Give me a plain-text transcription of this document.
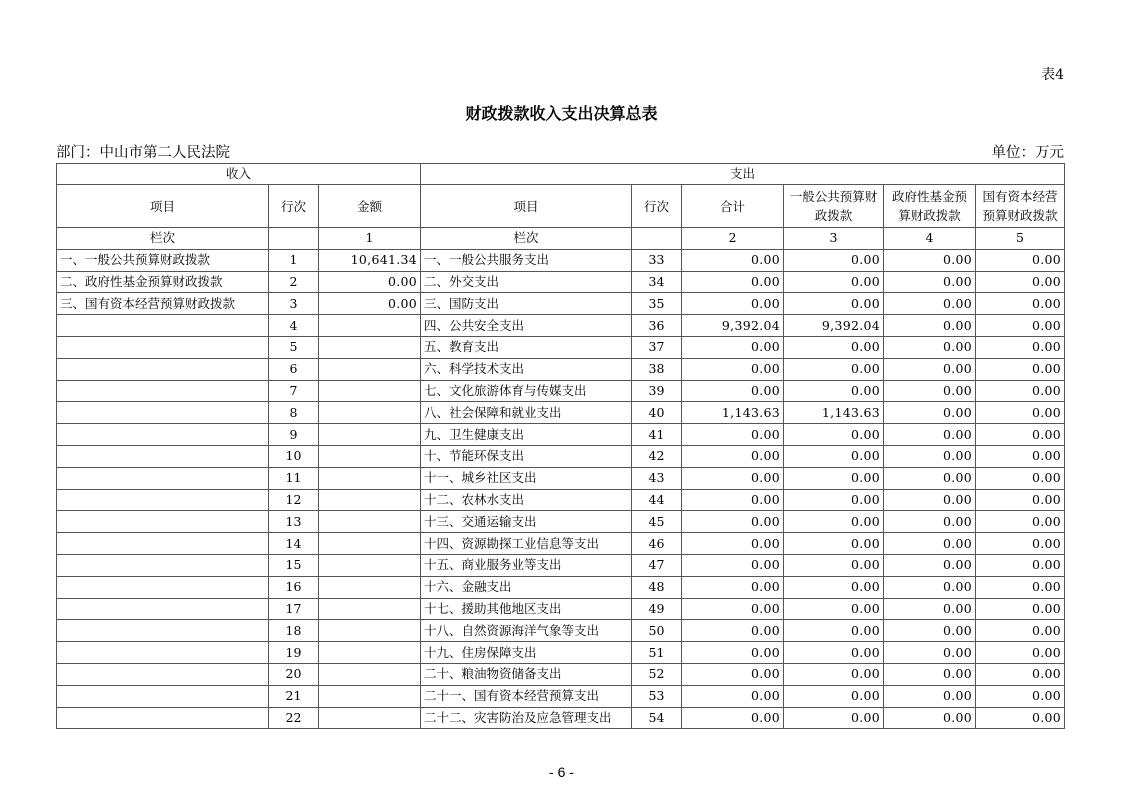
表4
财政拨款收入支出决算总表
部门：中山市第二人民法院	单位：万元
收入			支出					
项目	行次	金额	项目	行次	合计	一般公共预算财政拨款	政府性基金预算财政拨款	国有资本经营预算财政拨款
栏次		1	栏次		2	3	4	5
一、一般公共预算财政拨款	1	10,641.34	一、一般公共服务支出	33	0.00	0.00	0.00	0.00
二、政府性基金预算财政拨款	2	0.00	二、外交支出	34	0.00	0.00	0.00	0.00
三、国有资本经营预算财政拨款	3	0.00	三、国防支出	35	0.00	0.00	0.00	0.00
	4		四、公共安全支出	36	9,392.04	9,392.04	0.00	0.00
	5		五、教育支出	37	0.00	0.00	0.00	0.00
	6		六、科学技术支出	38	0.00	0.00	0.00	0.00
	7		七、文化旅游体育与传媒支出	39	0.00	0.00	0.00	0.00
	8		八、社会保障和就业支出	40	1,143.63	1,143.63	0.00	0.00
	9		九、卫生健康支出	41	0.00	0.00	0.00	0.00
	10		十、节能环保支出	42	0.00	0.00	0.00	0.00
	11		十一、城乡社区支出	43	0.00	0.00	0.00	0.00
	12		十二、农林水支出	44	0.00	0.00	0.00	0.00
	13		十三、交通运输支出	45	0.00	0.00	0.00	0.00
	14		十四、资源勘探工业信息等支出	46	0.00	0.00	0.00	0.00
	15		十五、商业服务业等支出	47	0.00	0.00	0.00	0.00
	16		十六、金融支出	48	0.00	0.00	0.00	0.00
	17		十七、援助其他地区支出	49	0.00	0.00	0.00	0.00
	18		十八、自然资源海洋气象等支出	50	0.00	0.00	0.00	0.00
	19		十九、住房保障支出	51	0.00	0.00	0.00	0.00
	20		二十、粮油物资储备支出	52	0.00	0.00	0.00	0.00
	21		二十一、国有资本经营预算支出	53	0.00	0.00	0.00	0.00
	22		二十二、灾害防治及应急管理支出	54	0.00	0.00	0.00	0.00
- 6 -
